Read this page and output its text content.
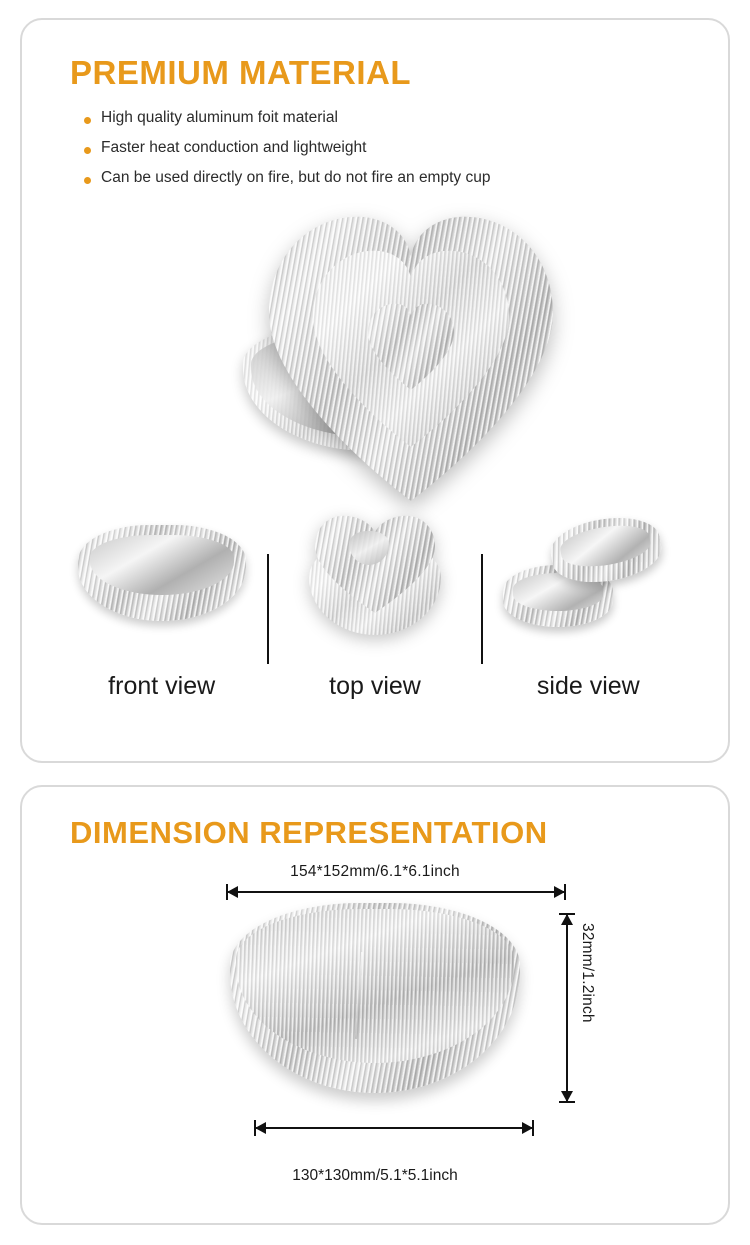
PREMIUM MATERIAL
High quality aluminum foit material
Faster heat conduction and lightweight
Can be used directly on fire, but do not fire an empty cup
front view	top view	side view
DIMENSION REPRESENTATION
154*152mm/6.1*6.1inch
32mm/1.2inch
130*130mm/5.1*5.1inch
